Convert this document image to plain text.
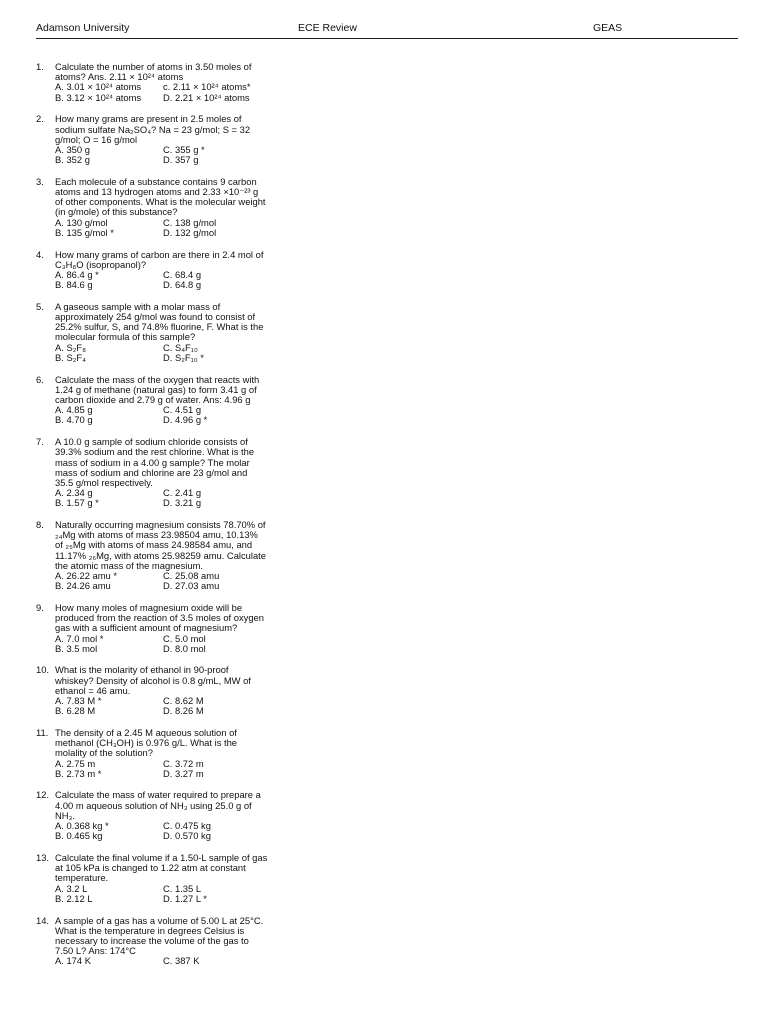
Adamson University	ECE Review	GEAS
1.	Calculate the number of atoms in 3.50 moles of atoms? Ans. 2.11 × 10²⁴ atoms
A. 3.01 × 10²⁴ atoms	c. 2.11 × 10²⁴ atoms*
B. 3.12 × 10²⁴ atoms	D. 2.21 × 10²⁴ atoms
2.	How many grams are present in 2.5 moles of sodium sulfate Na₂SO₄? Na = 23 g/mol; S = 32 g/mol; O = 16 g/mol
A. 350 g	C. 355 g *
B. 352 g	D. 357 g
3.	Each molecule of a substance contains 9 carbon atoms and 13 hydrogen atoms and 2.33 ×10⁻²³ g of other components. What is the molecular weight (in g/mole) of this substance?
A. 130 g/mol	C. 138 g/mol
B. 135 g/mol *	D. 132 g/mol
4.	How many grams of carbon are there in 2.4 mol of C₃H₈O (isopropanol)?
A. 86.4 g *	C. 68.4 g
B. 84.6 g	D. 64.8 g
5.	A gaseous sample with a molar mass of approximately 254 g/mol was found to consist of 25.2% sulfur, S, and 74.8% fluorine, F. What is the molecular formula of this sample?
A. S₂F₈	C. S₄F₁₀
B. S₂F₄	D. S₂F₁₀ *
6.	Calculate the mass of the oxygen that reacts with 1.24 g of methane (natural gas) to form 3.41 g of carbon dioxide and 2.79 g of water. Ans: 4.96 g
A. 4.85 g	C. 4.51 g
B. 4.70 g	D. 4.96 g *
7.	A 10.0 g sample of sodium chloride consists of 39.3% sodium and the rest chlorine. What is the mass of sodium in a 4.00 g sample? The molar mass of sodium and chlorine are 23 g/mol and 35.5 g/mol respectively.
A. 2.34 g	C. 2.41 g
B. 1.57 g *	D. 3.21 g
8.	Naturally occurring magnesium consists 78.70% of ₂₄Mg with atoms of mass 23.98504 amu, 10.13% of ₂₅Mg with atoms of mass 24.98584 amu, and 11.17% ₂₆Mg, with atoms 25.98259 amu. Calculate the atomic mass of the magnesium.
A. 26.22 amu *	C. 25.08 amu
B. 24.26 amu	D. 27.03 amu
9.	How many moles of magnesium oxide will be produced from the reaction of 3.5 moles of oxygen gas with a sufficient amount of magnesium?
A. 7.0 mol *	C. 5.0 mol
B. 3.5 mol	D. 8.0 mol
10. What is the molarity of ethanol in 90-proof whiskey? Density of alcohol is 0.8 g/mL, MW of ethanol = 46 amu.
A. 7.83 M *	C. 8.62 M
B. 6.28 M	D. 8.26 M
11. The density of a 2.45 M aqueous solution of methanol (CH₃OH) is 0.976 g/L. What is the molality of the solution?
A. 2.75 m	C. 3.72 m
B. 2.73 m *	D. 3.27 m
12. Calculate the mass of water required to prepare a 4.00 m aqueous solution of NH₃ using 25.0 g of NH₃.
A. 0.368 kg *	C. 0.475 kg
B. 0.465 kg	D. 0.570 kg
13. Calculate the final volume if a 1.50-L sample of gas at 105 kPa is changed to 1.22 atm at constant temperature.
A. 3.2 L	C. 1.35 L
B. 2.12 L	D. 1.27 L *
14. A sample of a gas has a volume of 5.00 L at 25°C. What is the temperature in degrees Celsius is necessary to increase the volume of the gas to 7.50 L? Ans: 174°C
A. 174 K	C. 387 K
